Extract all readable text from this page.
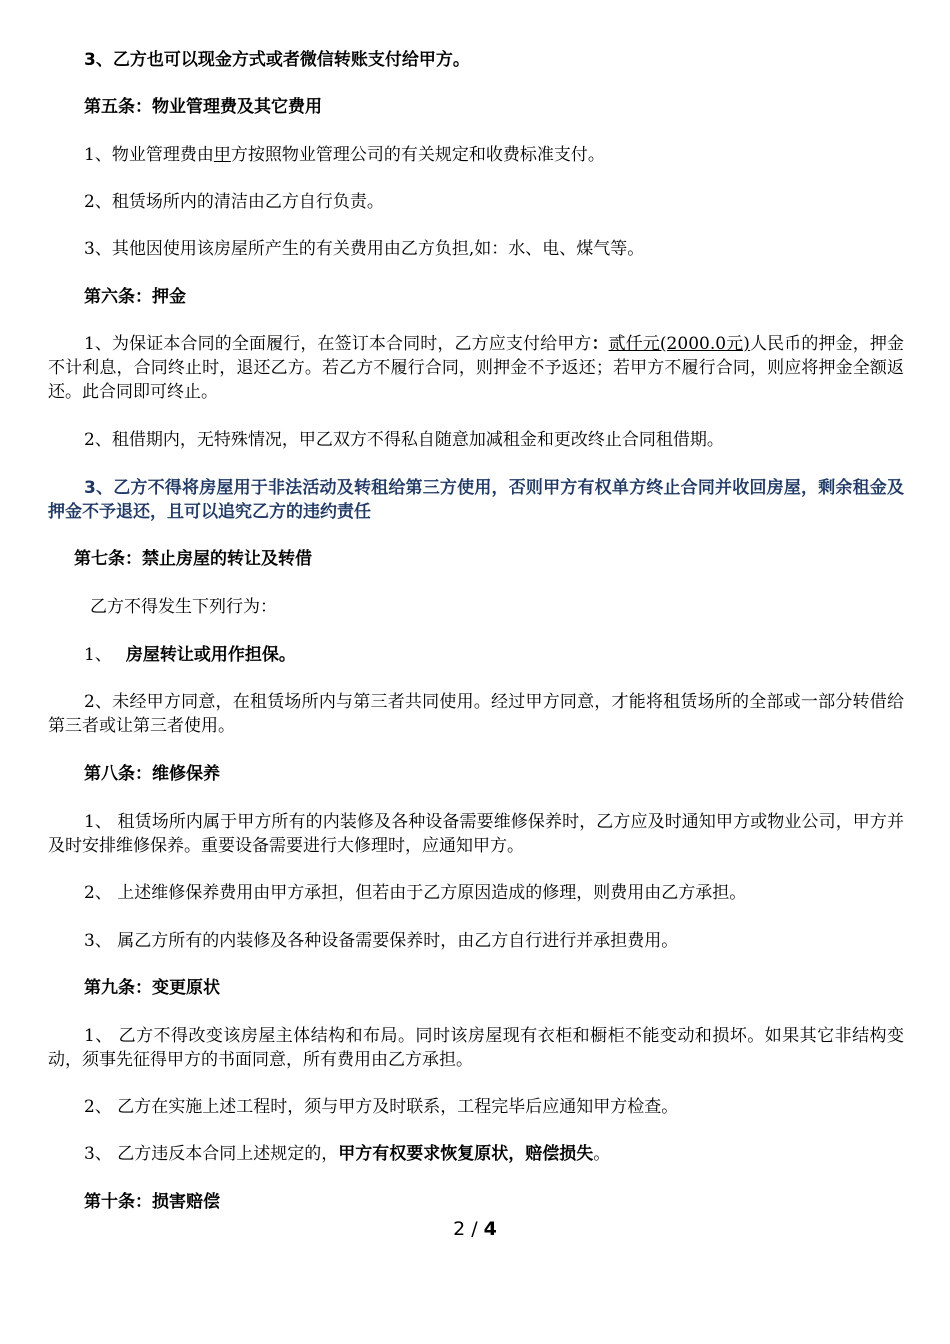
3、乙方也可以现金方式或者微信转账支付给甲方。
第五条：物业管理费及其它费用
1、物业管理费由甲方按照物业管理公司的有关规定和收费标准支付。
2、租赁场所内的清洁由乙方自行负责。
3、其他因使用该房屋所产生的有关费用由乙方负担,如：水、电、煤气等。
第六条：押金
1、为保证本合同的全面履行，在签订本合同时，乙方应支付给甲方：贰仟元(2000.0元)人民币的押金，押金不计利息，合同终止时，退还乙方。若乙方不履行合同，则押金不予返还；若甲方不履行合同，则应将押金全额返还。此合同即可终止。
2、租借期内，无特殊情况，甲乙双方不得私自随意加减租金和更改终止合同租借期。
3、乙方不得将房屋用于非法活动及转租给第三方使用，否则甲方有权单方终止合同并收回房屋，剩余租金及押金不予退还，且可以追究乙方的违约责任
第七条：禁止房屋的转让及转借
乙方不得发生下列行为：
1、 房屋转让或用作担保。
2、未经甲方同意，在租赁场所内与第三者共同使用。经过甲方同意，才能将租赁场所的全部或一部分转借给第三者或让第三者使用。
第八条：维修保养
1、 租赁场所内属于甲方所有的内装修及各种设备需要维修保养时，乙方应及时通知甲方或物业公司，甲方并及时安排维修保养。重要设备需要进行大修理时，应通知甲方。
2、 上述维修保养费用由甲方承担，但若由于乙方原因造成的修理，则费用由乙方承担。
3、 属乙方所有的内装修及各种设备需要保养时，由乙方自行进行并承担费用。
第九条：变更原状
1、 乙方不得改变该房屋主体结构和布局。同时该房屋现有衣柜和橱柜不能变动和损坏。如果其它非结构变动，须事先征得甲方的书面同意，所有费用由乙方承担。
2、 乙方在实施上述工程时，须与甲方及时联系，工程完毕后应通知甲方检查。
3、 乙方违反本合同上述规定的，甲方有权要求恢复原状，赔偿损失。
第十条：损害赔偿
2 / 4
